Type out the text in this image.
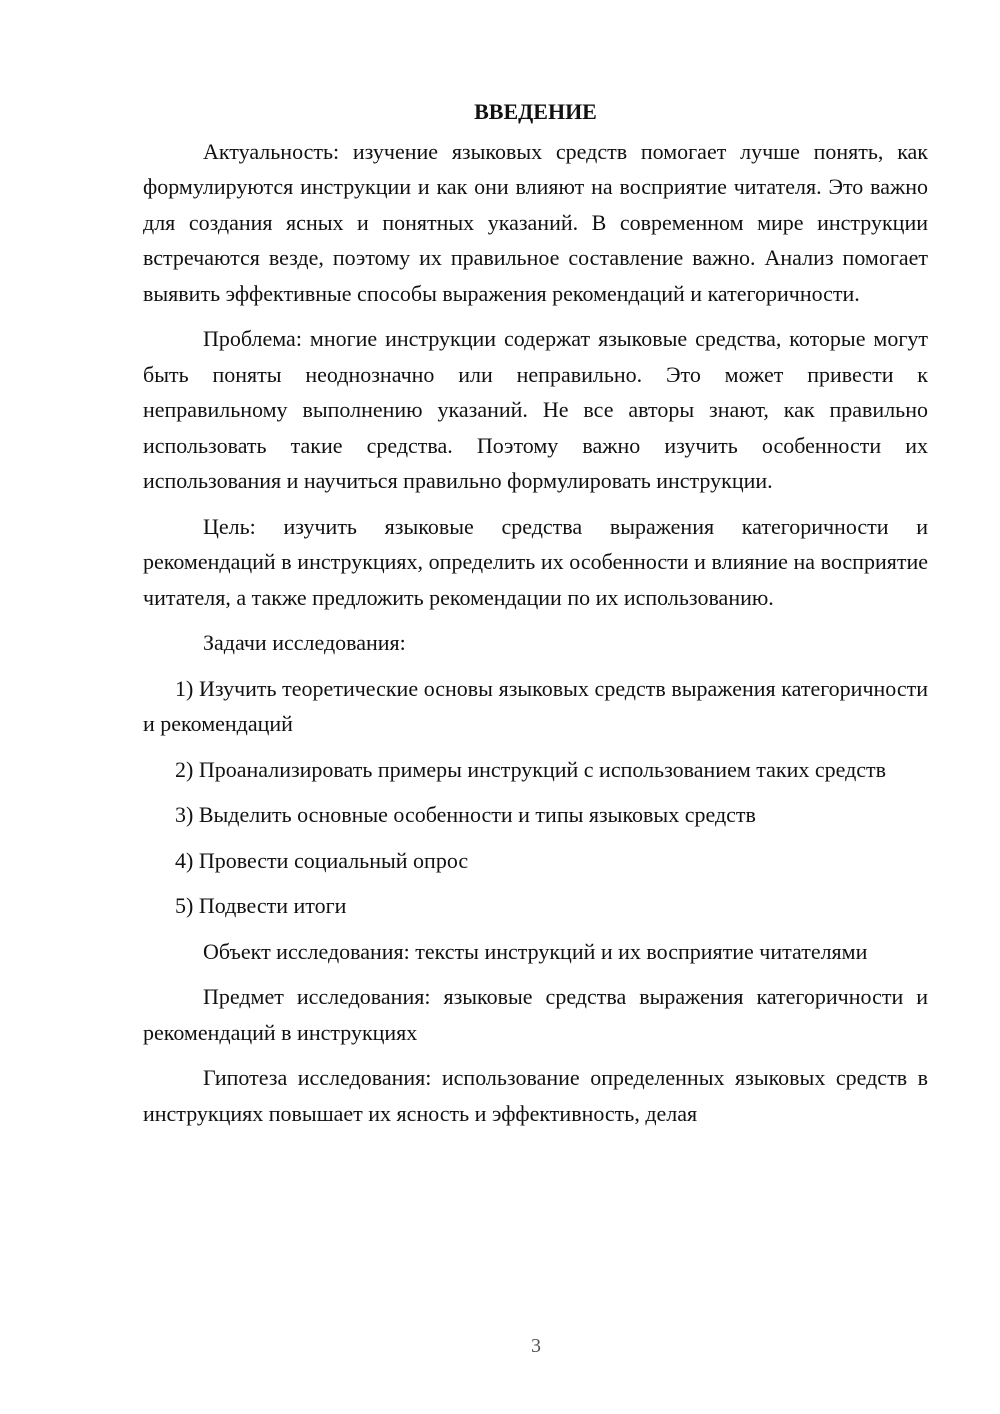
ВВЕДЕНИЕ

Актуальность: изучение языковых средств помогает лучше понять, как формулируются инструкции и как они влияют на восприятие читателя. Это важно для создания ясных и понятных указаний. В современном мире инструкции встречаются везде, поэтому их правильное составление важно. Анализ помогает выявить эффективные способы выражения рекомендаций и категоричности.

Проблема: многие инструкции содержат языковые средства, которые могут быть поняты неоднозначно или неправильно. Это может привести к неправильному выполнению указаний. Не все авторы знают, как правильно использовать такие средства. Поэтому важно изучить особенности их использования и научиться правильно формулировать инструкции.

Цель: изучить языковые средства выражения категоричности и рекомендаций в инструкциях, определить их особенности и влияние на восприятие читателя, а также предложить рекомендации по их использованию.

Задачи исследования:

1) Изучить теоретические основы языковых средств выражения категоричности и рекомендаций

2) Проанализировать примеры инструкций с использованием таких средств

3) Выделить основные особенности и типы языковых средств

4) Провести социальный опрос

5) Подвести итоги

Объект исследования: тексты инструкций и их восприятие читателями

Предмет исследования: языковые средства выражения категоричности и рекомендаций в инструкциях

Гипотеза исследования: использование определенных языковых средств в инструкциях повышает их ясность и эффективность, делая

3
